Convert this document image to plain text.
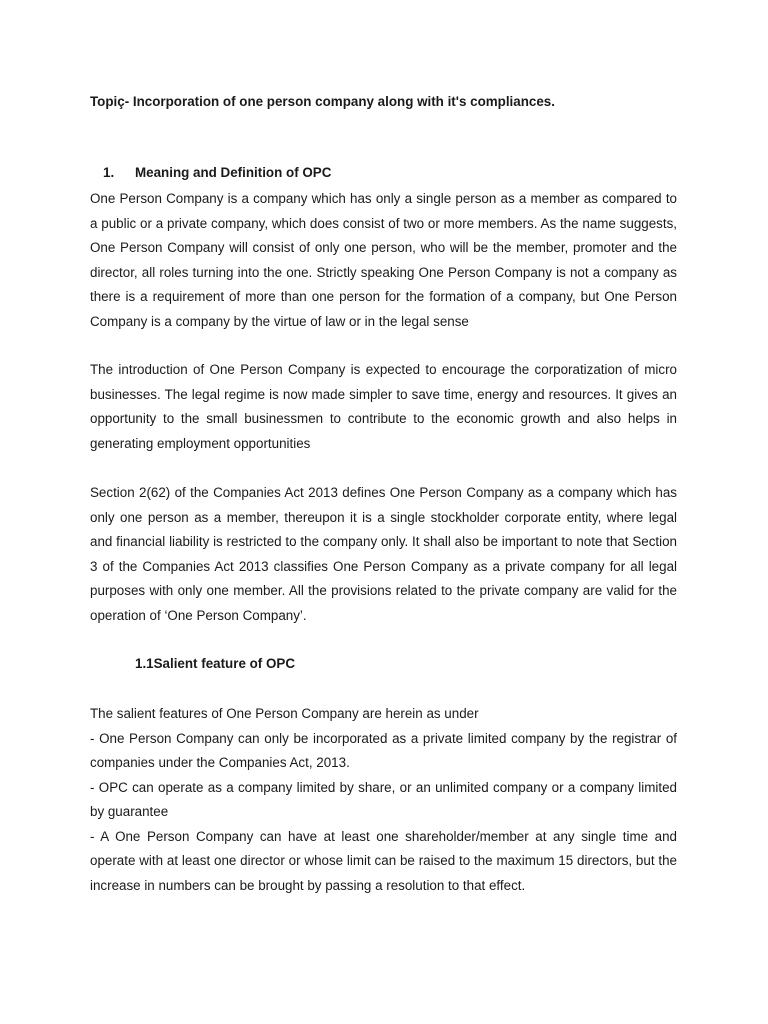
Topiç- Incorporation of one person company along with it's compliances.
1. Meaning and Definition of OPC
One Person Company is a company which has only a single person as a member as compared to a public or a private company, which does consist of two or more members. As the name suggests, One Person Company will consist of only one person, who will be the member, promoter and the director, all roles turning into the one. Strictly speaking One Person Company is not a company as there is a requirement of more than one person for the formation of a company, but One Person Company is a company by the virtue of law or in the legal sense
The introduction of One Person Company is expected to encourage the corporatization of micro businesses. The legal regime is now made simpler to save time, energy and resources. It gives an opportunity to the small businessmen to contribute to the economic growth and also helps in generating employment opportunities
Section 2(62) of the Companies Act 2013 defines One Person Company as a company which has only one person as a member, thereupon it is a single stockholder corporate entity, where legal and financial liability is restricted to the company only. It shall also be important to note that Section 3 of the Companies Act 2013 classifies One Person Company as a private company for all legal purposes with only one member. All the provisions related to the private company are valid for the operation of ‘One Person Company’.
1.1Salient feature of OPC
The salient features of One Person Company are herein as under
- One Person Company can only be incorporated as a private limited company by the registrar of companies under the Companies Act, 2013.
- OPC can operate as a company limited by share, or an unlimited company or a company limited by guarantee
- A One Person Company can have at least one shareholder/member at any single time and operate with at least one director or whose limit can be raised to the maximum 15 directors, but the increase in numbers can be brought by passing a resolution to that effect.
